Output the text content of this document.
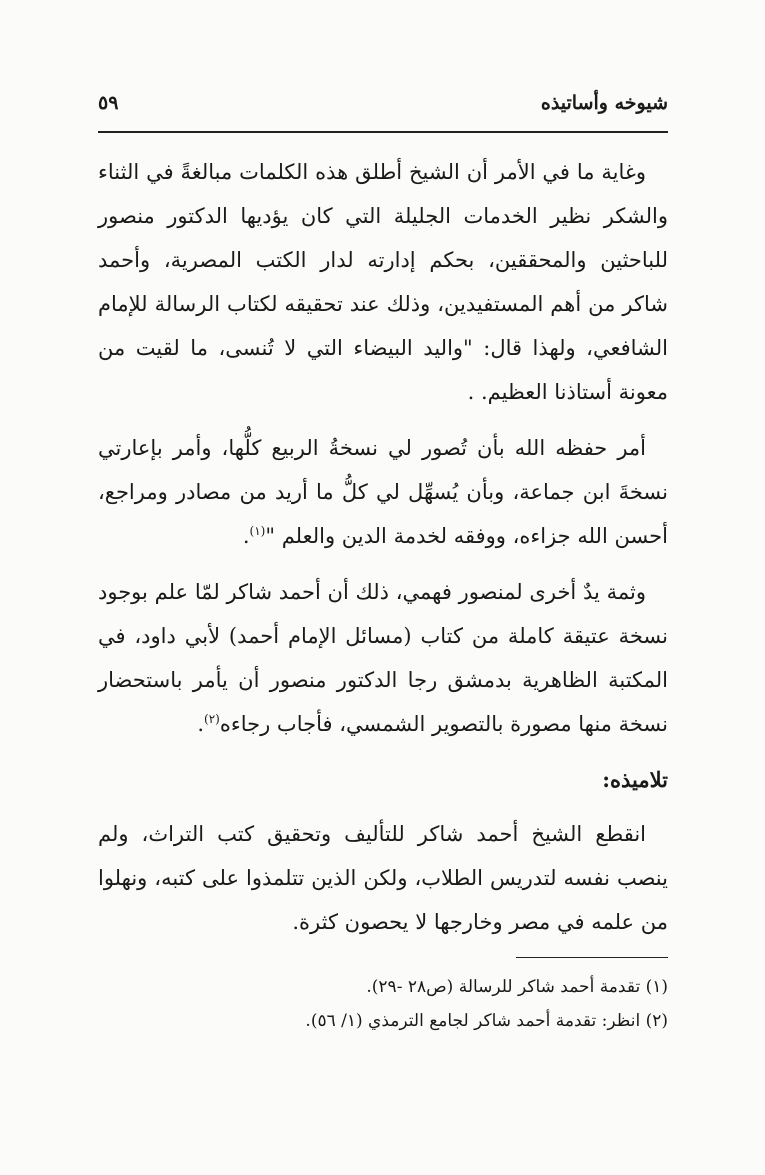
شيوخه وأساتيذه
٥٩

وغاية ما في الأمر أن الشيخ أطلق هذه الكلمات مبالغةً في الثناء والشكر نظير الخدمات الجليلة التي كان يؤديها الدكتور منصور للباحثين والمحققين، بحكم إدارته لدار الكتب المصرية، وأحمد شاكر من أهم المستفيدين، وذلك عند تحقيقه لكتاب الرسالة للإمام الشافعي، ولهذا قال: "واليد البيضاء التي لا تُنسى، ما لقيت من معونة أستاذنا العظيم. .

أمر حفظه الله بأن تُصور لي نسخةُ الربيع كلُّها، وأمر بإعارتي نسخةَ ابن جماعة، وبأن يُسهِّل لي كلُّ ما أريد من مصادر ومراجع، أحسن الله جزاءه، ووفقه لخدمة الدين والعلم "$^{(١)}$.

وثمة يدٌ أخرى لمنصور فهمي، ذلك أن أحمد شاكر لمّا علم بوجود نسخة عتيقة كاملة من كتاب (مسائل الإمام أحمد) لأبي داود، في المكتبة الظاهرية بدمشق رجا الدكتور منصور أن يأمر باستحضار نسخة منها مصورة بالتصوير الشمسي، فأجاب رجاءه$^{(٢)}$.

تلاميذه:

انقطع الشيخ أحمد شاكر للتأليف وتحقيق كتب التراث، ولم ينصب نفسه لتدريس الطلاب، ولكن الذين تتلمذوا على كتبه، ونهلوا من علمه في مصر وخارجها لا يحصون كثرة.

(١) تقدمة أحمد شاكر للرسالة (ص٢٨ -٢٩).

(٢) انظر: تقدمة أحمد شاكر لجامع الترمذي (١/ ٥٦).
